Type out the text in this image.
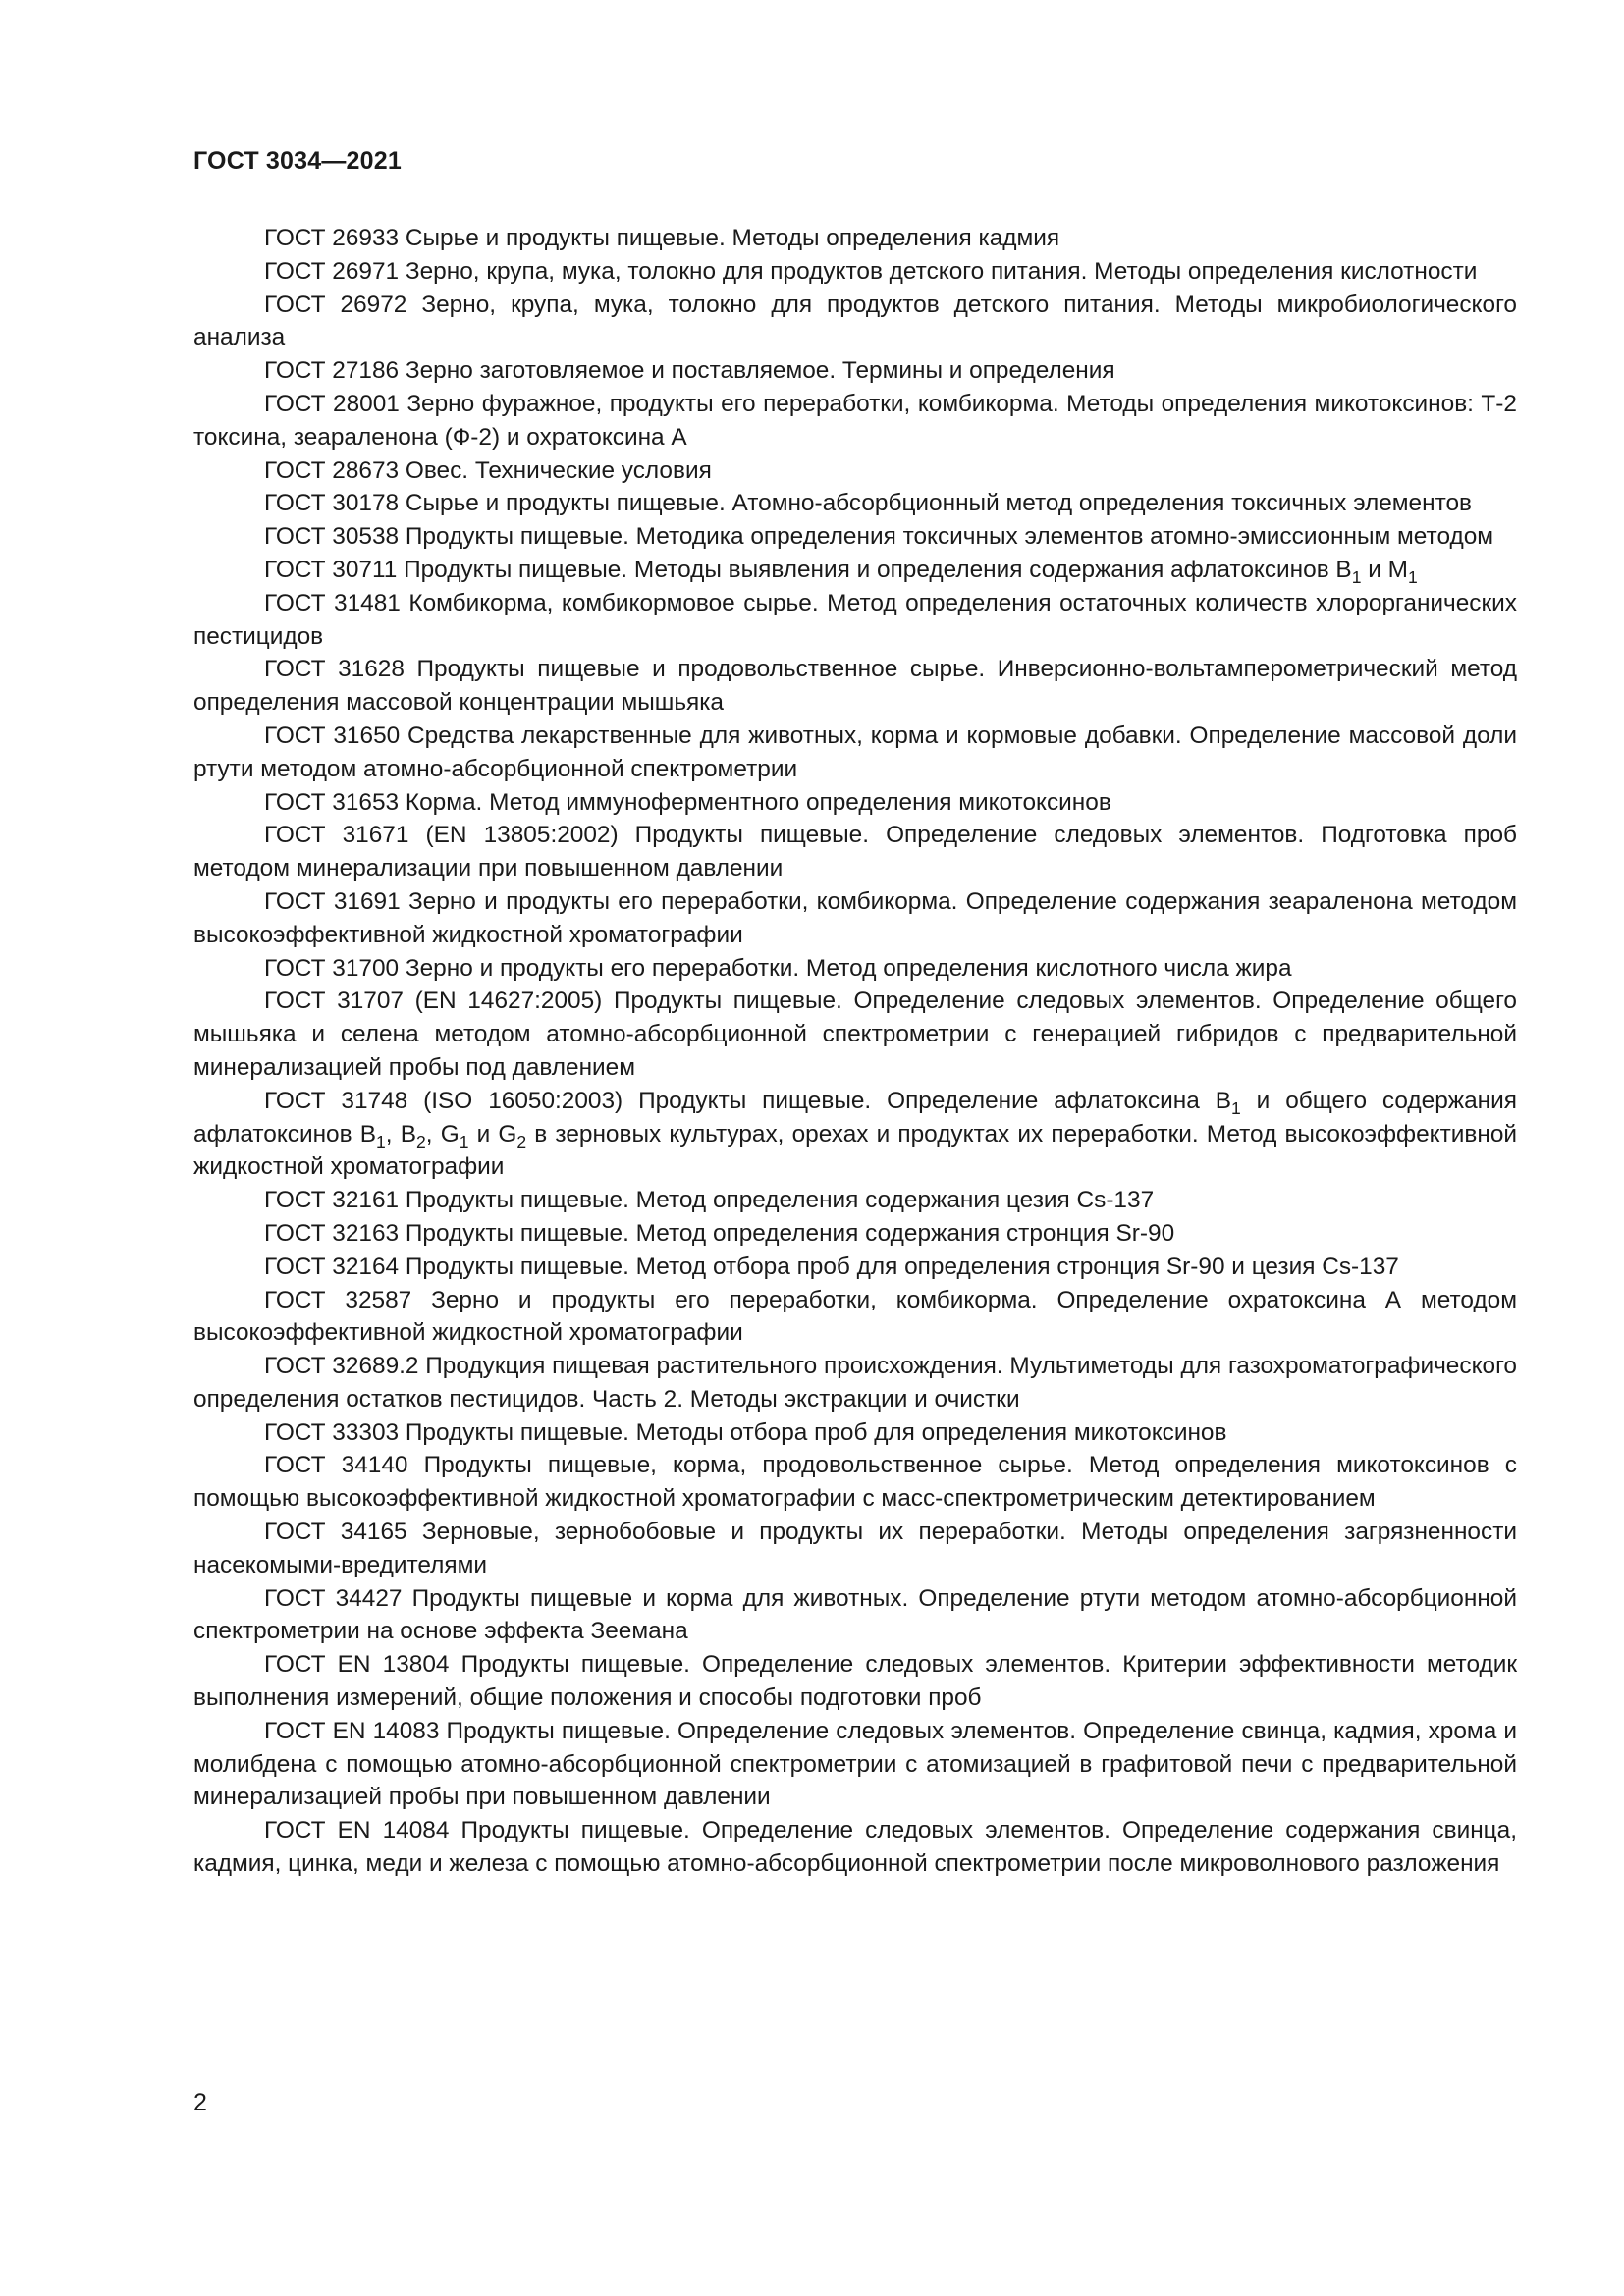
ГОСТ 3034—2021

ГОСТ 26933 Сырье и продукты пищевые. Методы определения кадмия

ГОСТ 26971 Зерно, крупа, мука, толокно для продуктов детского питания. Методы определения кислотности

ГОСТ 26972 Зерно, крупа, мука, толокно для продуктов детского питания. Методы микробиологического анализа

ГОСТ 27186 Зерно заготовляемое и поставляемое. Термины и определения

ГОСТ 28001 Зерно фуражное, продукты его переработки, комбикорма. Методы определения микотоксинов: Т-2 токсина, зеараленона (Ф-2) и охратоксина А

ГОСТ 28673 Овес. Технические условия

ГОСТ 30178 Сырье и продукты пищевые. Атомно-абсорбционный метод определения токсичных элементов

ГОСТ 30538 Продукты пищевые. Методика определения токсичных элементов атомно-эмиссионным методом

ГОСТ 30711 Продукты пищевые. Методы выявления и определения содержания афлатоксинов $В_1$ и $М_1$

ГОСТ 31481 Комбикорма, комбикормовое сырье. Метод определения остаточных количеств хлорорганических пестицидов

ГОСТ 31628 Продукты пищевые и продовольственное сырье. Инверсионно-вольтамперометрический метод определения массовой концентрации мышьяка

ГОСТ 31650 Средства лекарственные для животных, корма и кормовые добавки. Определение массовой доли ртути методом атомно-абсорбционной спектрометрии

ГОСТ 31653 Корма. Метод иммуноферментного определения микотоксинов

ГОСТ 31671 (EN 13805:2002) Продукты пищевые. Определение следовых элементов. Подготовка проб методом минерализации при повышенном давлении

ГОСТ 31691 Зерно и продукты его переработки, комбикорма. Определение содержания зеараленона методом высокоэффективной жидкостной хроматографии

ГОСТ 31700 Зерно и продукты его переработки. Метод определения кислотного числа жира

ГОСТ 31707 (EN 14627:2005) Продукты пищевые. Определение следовых элементов. Определение общего мышьяка и селена методом атомно-абсорбционной спектрометрии с генерацией гибридов с предварительной минерализацией пробы под давлением

ГОСТ 31748 (ISO 16050:2003) Продукты пищевые. Определение афлатоксина $В_1$ и общего содержания афлатоксинов $В_1$, $В_2$, $G_1$ и $G_2$ в зерновых культурах, орехах и продуктах их переработки. Метод высокоэффективной жидкостной хроматографии

ГОСТ 32161 Продукты пищевые. Метод определения содержания цезия Cs-137

ГОСТ 32163 Продукты пищевые. Метод определения содержания стронция Sr-90

ГОСТ 32164 Продукты пищевые. Метод отбора проб для определения стронция Sr-90 и цезия Cs-137

ГОСТ 32587 Зерно и продукты его переработки, комбикорма. Определение охратоксина А методом высокоэффективной жидкостной хроматографии

ГОСТ 32689.2 Продукция пищевая растительного происхождения. Мультиметоды для газохроматографического определения остатков пестицидов. Часть 2. Методы экстракции и очистки

ГОСТ 33303 Продукты пищевые. Методы отбора проб для определения микотоксинов

ГОСТ 34140 Продукты пищевые, корма, продовольственное сырье. Метод определения микотоксинов с помощью высокоэффективной жидкостной хроматографии с масс-спектрометрическим детектированием

ГОСТ 34165 Зерновые, зернобобовые и продукты их переработки. Методы определения загрязненности насекомыми-вредителями

ГОСТ 34427 Продукты пищевые и корма для животных. Определение ртути методом атомно-абсорбционной спектрометрии на основе эффекта Зеемана

ГОСТ EN 13804 Продукты пищевые. Определение следовых элементов. Критерии эффективности методик выполнения измерений, общие положения и способы подготовки проб

ГОСТ EN 14083 Продукты пищевые. Определение следовых элементов. Определение свинца, кадмия, хрома и молибдена с помощью атомно-абсорбционной спектрометрии с атомизацией в графитовой печи с предварительной минерализацией пробы при повышенном давлении

ГОСТ EN 14084 Продукты пищевые. Определение следовых элементов. Определение содержания свинца, кадмия, цинка, меди и железа с помощью атомно-абсорбционной спектрометрии после микроволнового разложения

2
